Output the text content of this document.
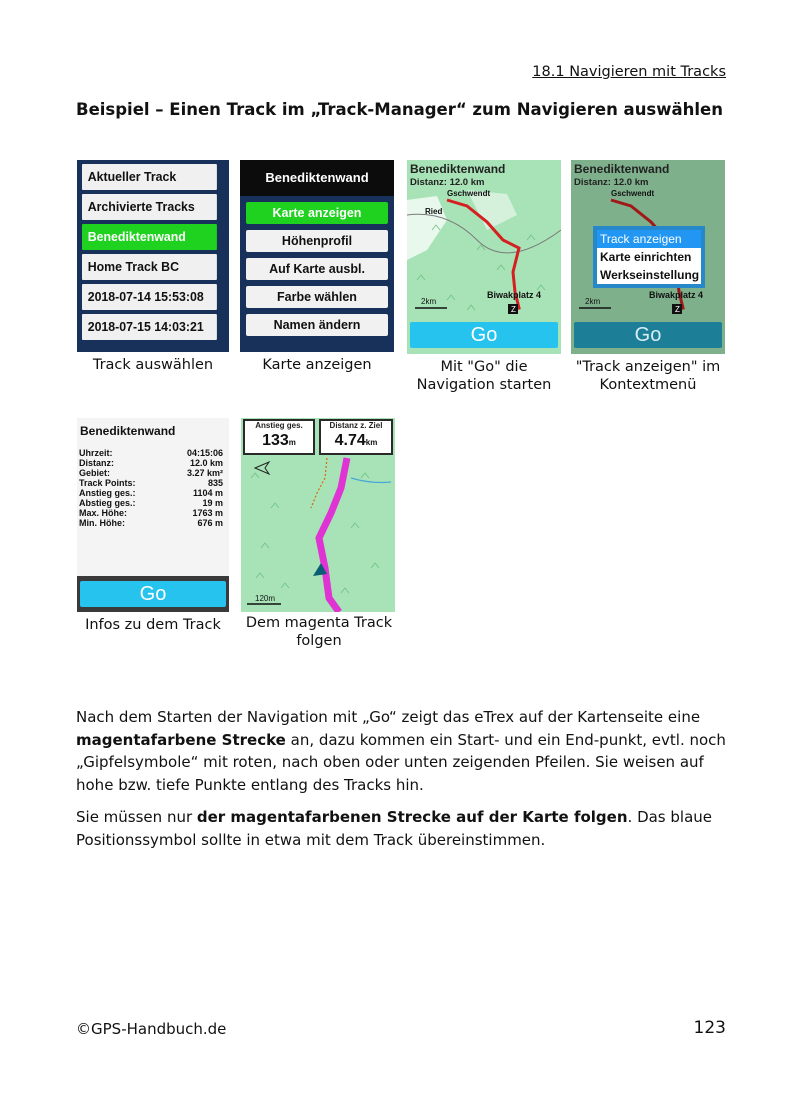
18.1 Navigieren mit Tracks
Beispiel – Einen Track im „Track-Manager“ zum Navigieren auswählen
Aktueller Track
Archivierte Tracks
Benediktenwand
Home Track BC
2018-07-14 15:53:08
2018-07-15 14:03:21
Track auswählen
Benediktenwand
Karte anzeigen
Höhenprofil
Auf Karte ausbl.
Farbe wählen
Namen ändern
Karte anzeigen
Z
Benediktenwand
Distanz: 12.0 km
Gschwendt
Ried
Biwakplatz 4
2km
Go
Mit "Go" die
Navigation starten
Z
Benediktenwand
Distanz: 12.0 km
Gschwendt
Biwakplatz 4
2km
Track anzeigen
Karte einrichten
Werkseinstellung
Go
"Track anzeigen" im
Kontextmenü
Benediktenwand
Uhrzeit:	04:15:06
Distanz:	12.0 km
Gebiet:	3.27 km²
Track Points:	835
Anstieg ges.:	1104 m
Abstieg ges.:	19 m
Max. Höhe:	1763 m
Min. Höhe:	676 m
Go
Infos zu dem Track
Anstieg ges.
133m
Distanz z. Ziel
4.74km
120m
Dem magenta Track
folgen
Nach dem Starten der Navigation mit „Go“ zeigt das eTrex auf der Kartenseite eine magentafarbene Strecke an, dazu kommen ein Start- und ein End-punkt, evtl. noch „Gipfelsymbole“ mit roten, nach oben oder unten zeigenden Pfeilen. Sie weisen auf hohe bzw. tiefe Punkte entlang des Tracks hin.
Sie müssen nur der magentafarbenen Strecke auf der Karte folgen. Das blaue Positionssymbol sollte in etwa mit dem Track übereinstimmen.
©GPS-Handbuch.de	123
